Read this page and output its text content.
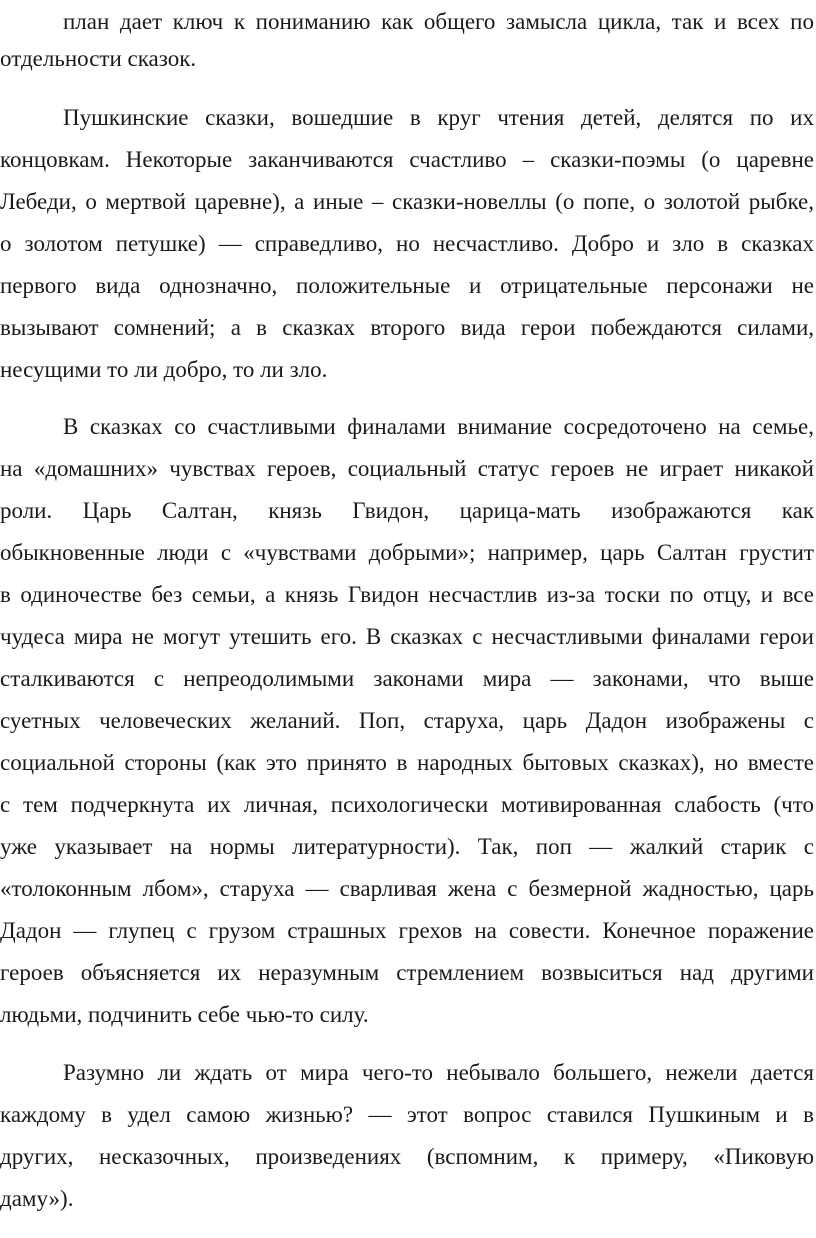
план дает ключ к пониманию как общего замысла цикла, так и всех по
отдельности сказок.
Пушкинские сказки, вошедшие в круг чтения детей, делятся по их
концовкам. Некоторые заканчиваются счастливо – сказки-поэмы (о царевне
Лебеди, о мертвой царевне), а иные – сказки-новеллы (о попе, о золотой рыбке,
о золотом петушке) — справедливо, но несчастливо. Добро и зло в сказках
первого вида однозначно, положительные и отрицательные персонажи не
вызывают сомнений; а в сказках второго вида герои побеждаются силами,
несущими то ли добро, то ли зло.
В сказках со счастливыми финалами внимание сосредоточено на семье,
на «домашних» чувствах героев, социальный статус героев не играет никакой
роли. Царь Салтан, князь Гвидон, царица-мать изображаются как
обыкновенные люди с «чувствами добрыми»; например, царь Салтан грустит
в одиночестве без семьи, а князь Гвидон несчастлив из-за тоски по отцу, и все
чудеса мира не могут утешить его. В сказках с несчастливыми финалами герои
сталкиваются с непреодолимыми законами мира — законами, что выше
суетных человеческих желаний. Поп, старуха, царь Дадон изображены с
социальной стороны (как это принято в народных бытовых сказках), но вместе
с тем подчеркнута их личная, психологически мотивированная слабость (что
уже указывает на нормы литературности). Так, поп — жалкий старик с
«толоконным лбом», старуха — сварливая жена с безмерной жадностью, царь
Дадон — глупец с грузом страшных грехов на совести. Конечное поражение
героев объясняется их неразумным стремлением возвыситься над другими
людьми, подчинить себе чью-то силу.
Разумно ли ждать от мира чего-то небывало большего, нежели дается
каждому в удел самою жизнью? — этот вопрос ставился Пушкиным и в
других, несказочных, произведениях (вспомним, к примеру, «Пиковую
даму»).
